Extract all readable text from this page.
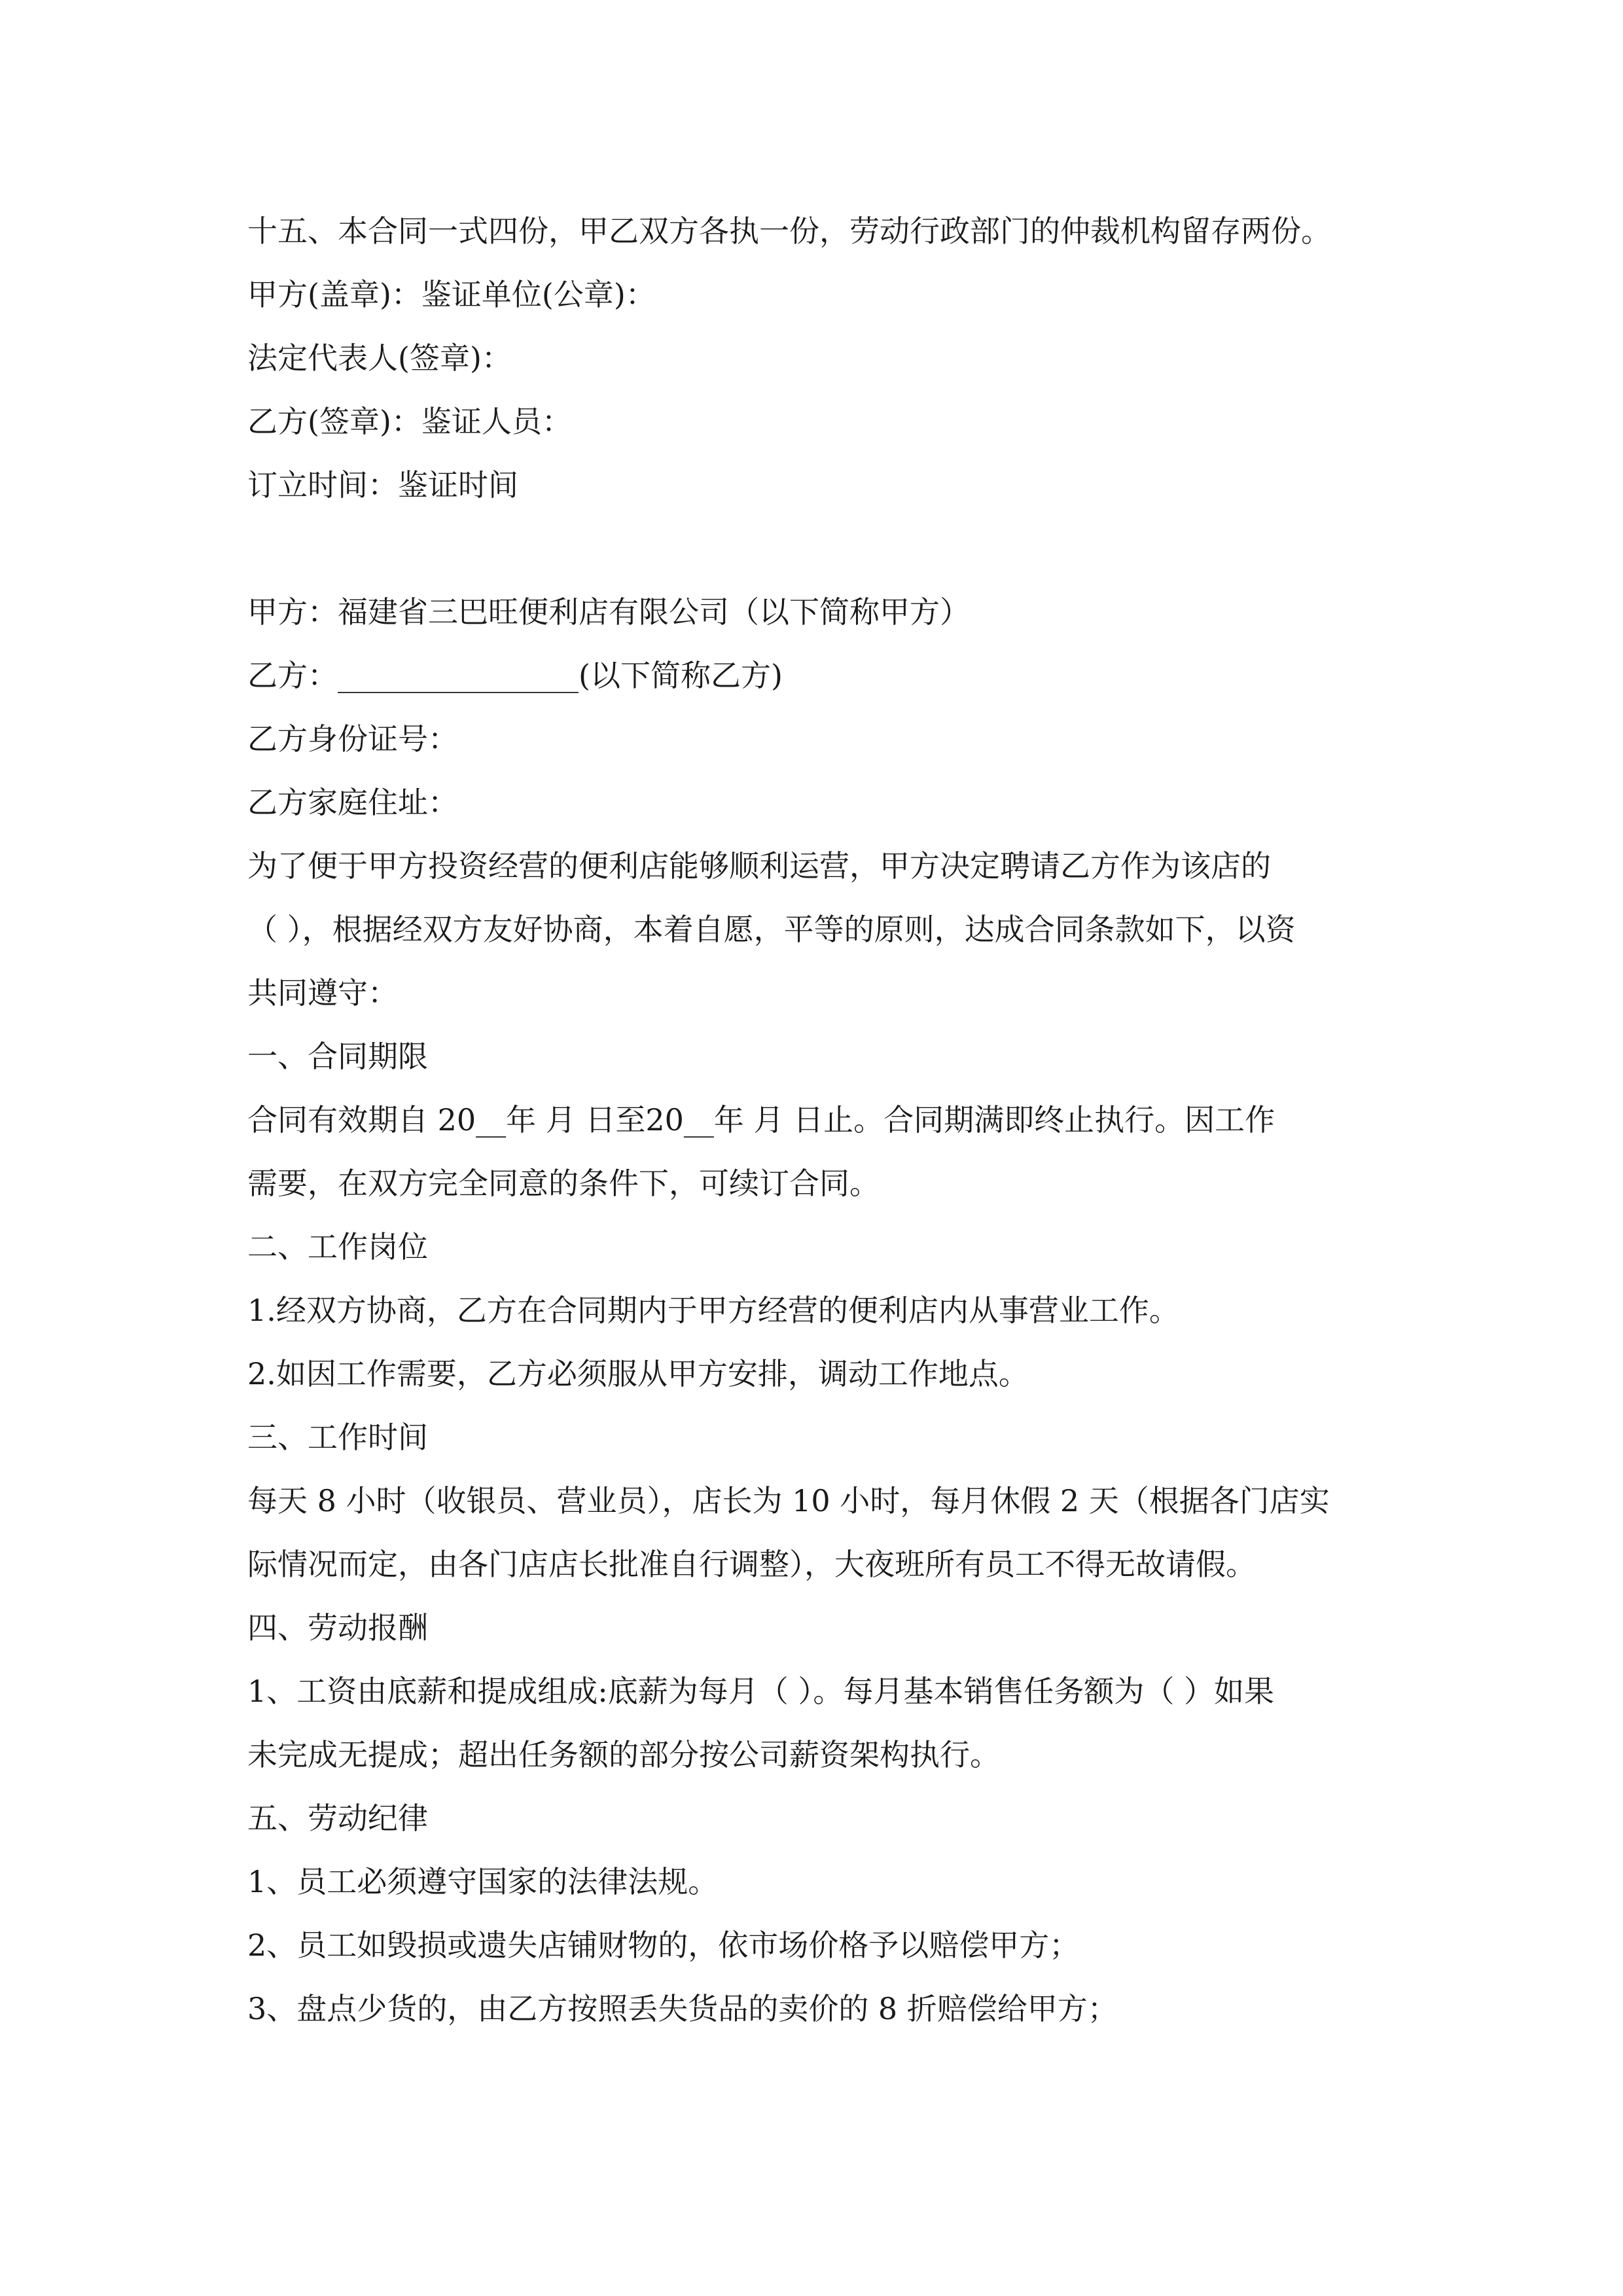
十五、本合同一式四份，甲乙双方各执一份，劳动行政部门的仲裁机构留存两份。
甲方(盖章)：鉴证单位(公章)：
法定代表人(签章)：
乙方(签章)：鉴证人员：
订立时间：鉴证时间
甲方：福建省三巴旺便利店有限公司（以下简称甲方）
乙方：________________(以下简称乙方)
乙方身份证号：
乙方家庭住址：
为了便于甲方投资经营的便利店能够顺利运营，甲方决定聘请乙方作为该店的
（ ），根据经双方友好协商，本着自愿，平等的原则，达成合同条款如下，以资
共同遵守：
一、合同期限
合同有效期自 20__年 月 日至20__年 月 日止。合同期满即终止执行。因工作
需要，在双方完全同意的条件下，可续订合同。
二、工作岗位
1.经双方协商，乙方在合同期内于甲方经营的便利店内从事营业工作。
2.如因工作需要，乙方必须服从甲方安排，调动工作地点。
三、工作时间
每天 8 小时（收银员、营业员），店长为 10 小时，每月休假 2 天（根据各门店实
际情况而定，由各门店店长批准自行调整），大夜班所有员工不得无故请假。
四、劳动报酬
1、工资由底薪和提成组成:底薪为每月（ ）。每月基本销售任务额为（ ）如果
未完成无提成；超出任务额的部分按公司薪资架构执行。
五、劳动纪律
1、员工必须遵守国家的法律法规。
2、员工如毁损或遗失店铺财物的，依市场价格予以赔偿甲方；
3、盘点少货的，由乙方按照丢失货品的卖价的 8 折赔偿给甲方；
